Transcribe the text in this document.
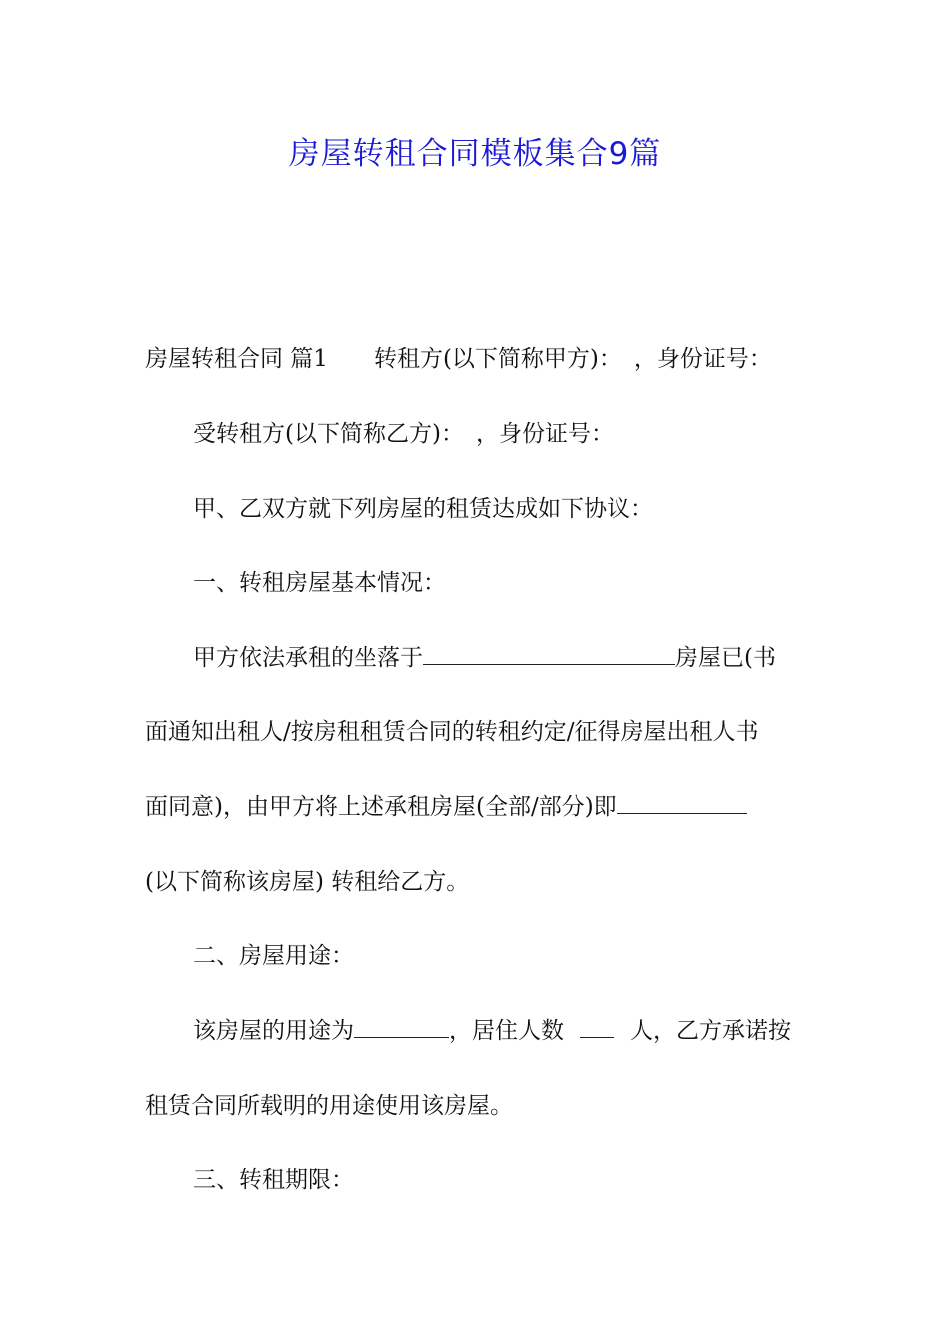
房屋转租合同模板集合9篇
房屋转租合同 篇1 转租方(以下简称甲方)： ，身份证号：
受转租方(以下简称乙方)： ，身份证号：
甲、乙双方就下列房屋的租赁达成如下协议：
一、转租房屋基本情况：
甲方依法承租的坐落于	房屋已(书
面通知出租人/按房租租赁合同的转租约定/征得房屋出租人书
面同意)，由甲方将上述承租房屋(全部/部分)即
(以下简称该房屋) 转租给乙方。
二、房屋用途：
该房屋的用途为	，居住人数	人，乙方承诺按
租赁合同所载明的用途使用该房屋。
三、转租期限：
